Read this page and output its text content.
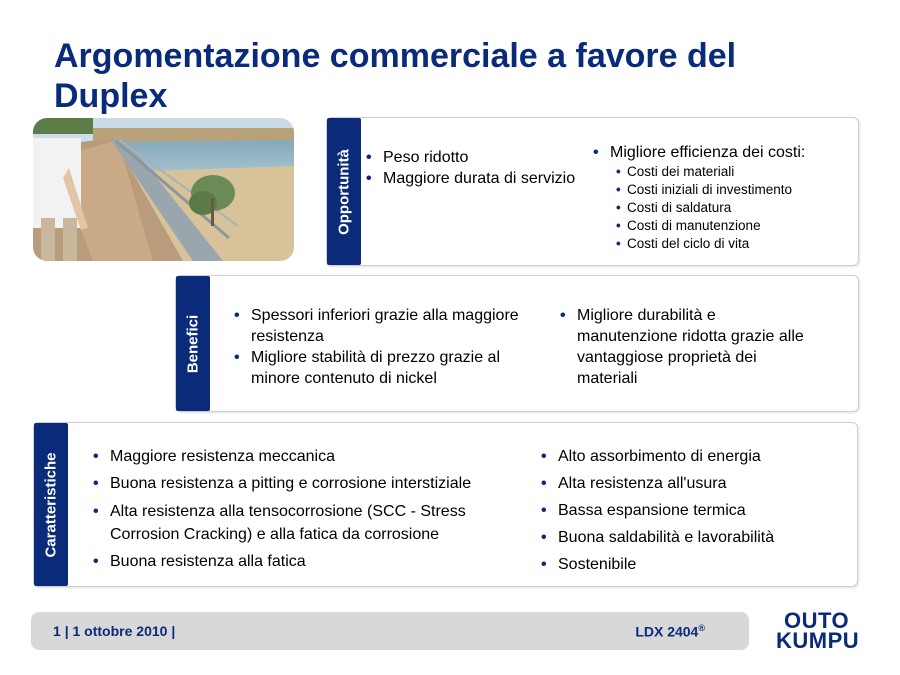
Argomentazione commerciale a favore del Duplex
Opportunità	• Peso ridotto
• Maggiore durata di servizio
• Migliore efficienza dei costi:
• Costi dei materiali
• Costi iniziali di investimento
• Costi di saldatura
• Costi di manutenzione
• Costi del ciclo di vita
Benefici	• Spessori inferiori grazie alla maggiore resistenza
• Migliore stabilità di prezzo grazie al minore contenuto di nickel
• Migliore durabilità e manutenzione ridotta grazie alle vantaggiose proprietà dei materiali
Caratteristiche	• Maggiore resistenza meccanica
• Buona resistenza a pitting e corrosione interstiziale
• Alta resistenza alla tensocorrosione (SCC - Stress Corrosion Cracking) e alla fatica da corrosione
• Buona resistenza alla fatica
• Alto assorbimento di energia
• Alta resistenza all'usura
• Bassa espansione termica
• Buona saldabilità e lavorabilità
• Sostenibile
1 | 1 ottobre 2010 |	LDX 2404®	OUTO
KUMPU
